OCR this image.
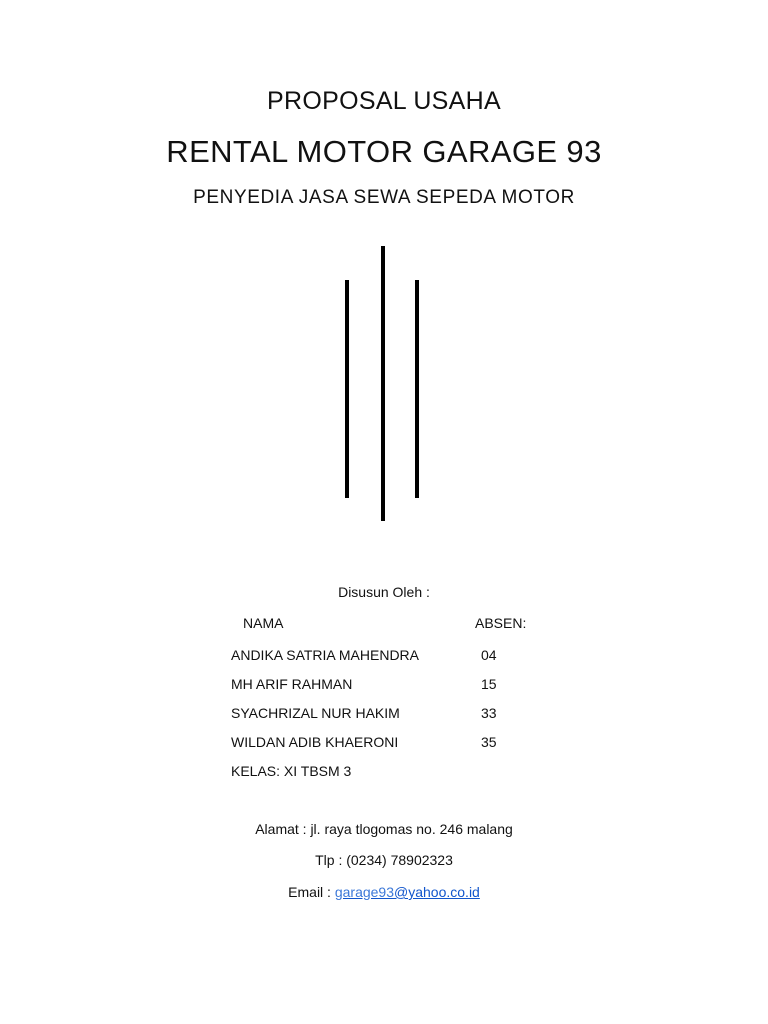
PROPOSAL USAHA
RENTAL MOTOR GARAGE 93
PENYEDIA JASA SEWA SEPEDA MOTOR
Disusun Oleh :
NAMA	ABSEN:
ANDIKA SATRIA MAHENDRA	04
MH ARIF RAHMAN	15
SYACHRIZAL NUR HAKIM	33
WILDAN ADIB KHAERONI	35
KELAS: XI TBSM 3
Alamat : jl. raya tlogomas no. 246 malang
Tlp : (0234) 78902323
Email : garage93@yahoo.co.id
